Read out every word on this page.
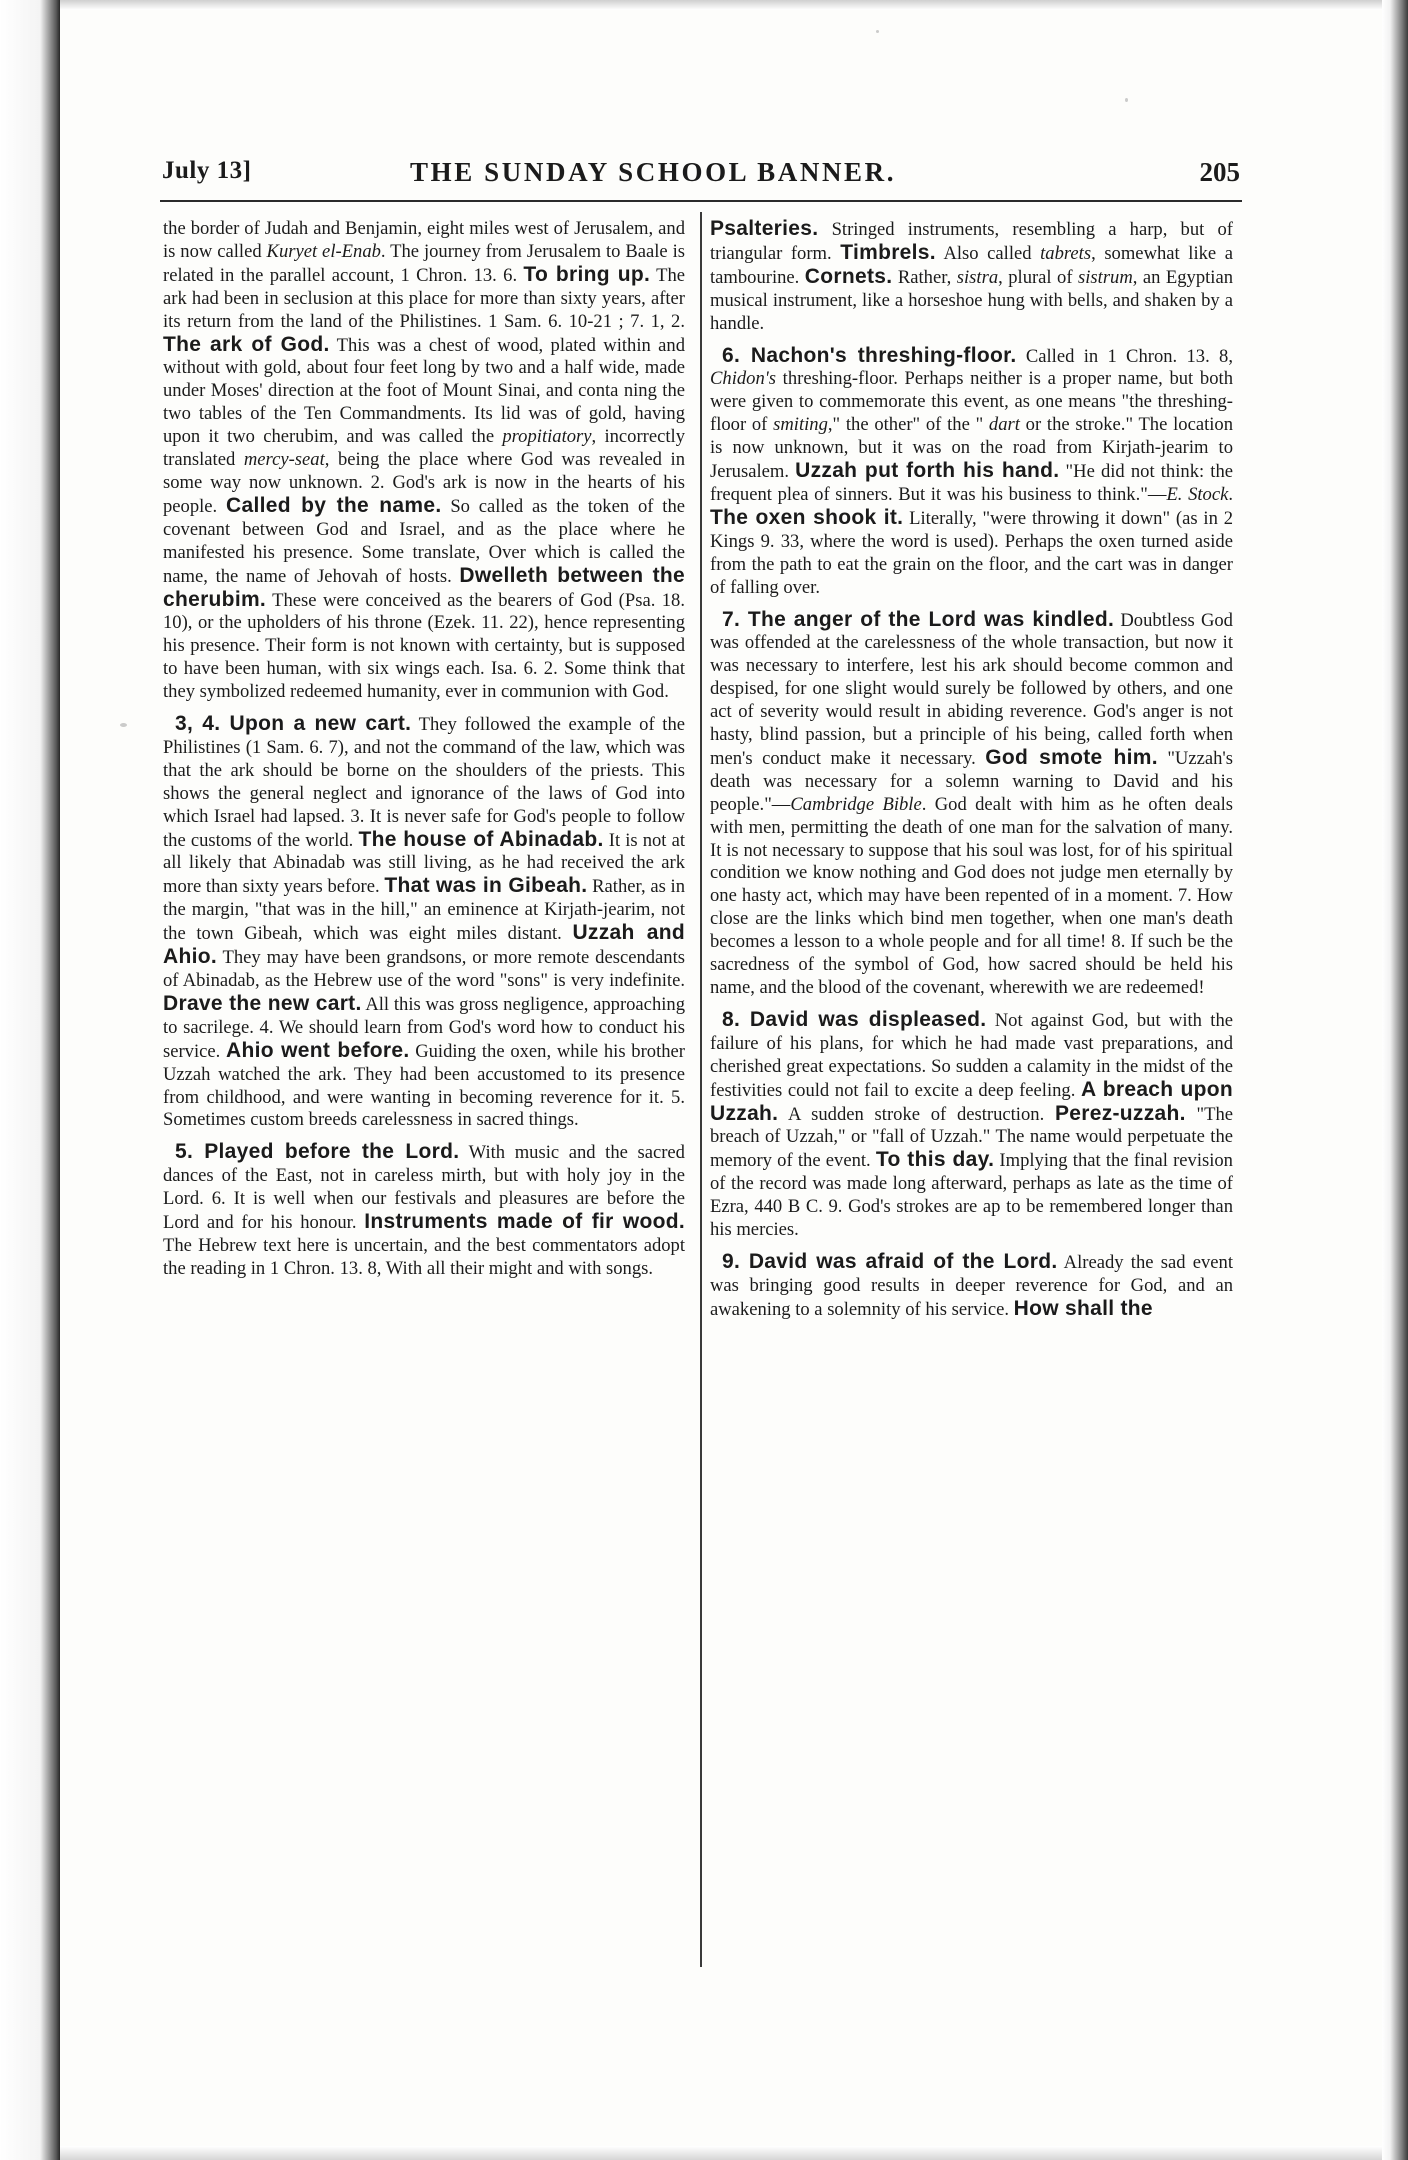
July 13]	THE SUNDAY SCHOOL BANNER.	205

the border of Judah and Benjamin, eight miles west of Jerusalem, and is now called Kuryet el-Enab. The journey from Jerusalem to Baale is related in the parallel account, 1 Chron. 13. 6. To bring up. The ark had been in seclusion at this place for more than sixty years, after its return from the land of the Philistines. 1 Sam. 6. 10-21 ; 7. 1, 2. The ark of God. This was a chest of wood, plated within and without with gold, about four feet long by two and a half wide, made under Moses' direction at the foot of Mount Sinai, and conta ning the two tables of the Ten Commandments. Its lid was of gold, having upon it two cherubim, and was called the propitiatory, incorrectly translated mercy-seat, being the place where God was revealed in some way now unknown. 2. God's ark is now in the hearts of his people. Called by the name. So called as the token of the covenant between God and Israel, and as the place where he manifested his presence. Some translate, Over which is called the name, the name of Jehovah of hosts. Dwelleth between the cherubim. These were conceived as the bearers of God (Psa. 18. 10), or the upholders of his throne (Ezek. 11. 22), hence representing his presence. Their form is not known with certainty, but is supposed to have been human, with six wings each. Isa. 6. 2. Some think that they symbolized redeemed humanity, ever in communion with God.

3, 4. Upon a new cart. They followed the example of the Philistines (1 Sam. 6. 7), and not the command of the law, which was that the ark should be borne on the shoulders of the priests. This shows the general neglect and ignorance of the laws of God into which Israel had lapsed. 3. It is never safe for God's people to follow the customs of the world. The house of Abinadab. It is not at all likely that Abinadab was still living, as he had received the ark more than sixty years before. That was in Gibeah. Rather, as in the margin, "that was in the hill," an eminence at Kirjath-jearim, not the town Gibeah, which was eight miles distant. Uzzah and Ahio. They may have been grandsons, or more remote descendants of Abinadab, as the Hebrew use of the word "sons" is very indefinite. Drave the new cart. All this was gross negligence, approaching to sacrilege. 4. We should learn from God's word how to conduct his service. Ahio went before. Guiding the oxen, while his brother Uzzah watched the ark. They had been accustomed to its presence from childhood, and were wanting in becoming reverence for it. 5. Sometimes custom breeds carelessness in sacred things.

5. Played before the Lord. With music and the sacred dances of the East, not in careless mirth, but with holy joy in the Lord. 6. It is well when our festivals and pleasures are before the Lord and for his honour. Instruments made of fir wood. The Hebrew text here is uncertain, and the best commentators adopt the reading in 1 Chron. 13. 8, With all their might and with songs.

Psalteries. Stringed instruments, resembling a harp, but of triangular form. Timbrels. Also called tabrets, somewhat like a tambourine. Cornets. Rather, sistra, plural of sistrum, an Egyptian musical instrument, like a horseshoe hung with bells, and shaken by a handle.

6. Nachon's threshing-floor. Called in 1 Chron. 13. 8, Chidon's threshing-floor. Perhaps neither is a proper name, but both were given to commemorate this event, as one means "the threshing-floor of smiting," the other" of the " dart or the stroke." The location is now unknown, but it was on the road from Kirjath-jearim to Jerusalem. Uzzah put forth his hand. "He did not think: the frequent plea of sinners. But it was his business to think."—E. Stock. The oxen shook it. Literally, "were throwing it down" (as in 2 Kings 9. 33, where the word is used). Perhaps the oxen turned aside from the path to eat the grain on the floor, and the cart was in danger of falling over.

7. The anger of the Lord was kindled. Doubtless God was offended at the carelessness of the whole transaction, but now it was necessary to interfere, lest his ark should become common and despised, for one slight would surely be followed by others, and one act of severity would result in abiding reverence. God's anger is not hasty, blind passion, but a principle of his being, called forth when men's conduct make it necessary. God smote him. "Uzzah's death was necessary for a solemn warning to David and his people."—Cambridge Bible. God dealt with him as he often deals with men, permitting the death of one man for the salvation of many. It is not necessary to suppose that his soul was lost, for of his spiritual condition we know nothing and God does not judge men eternally by one hasty act, which may have been repented of in a moment. 7. How close are the links which bind men together, when one man's death becomes a lesson to a whole people and for all time! 8. If such be the sacredness of the symbol of God, how sacred should be held his name, and the blood of the covenant, wherewith we are redeemed!

8. David was displeased. Not against God, but with the failure of his plans, for which he had made vast preparations, and cherished great expectations. So sudden a calamity in the midst of the festivities could not fail to excite a deep feeling. A breach upon Uzzah. A sudden stroke of destruction. Perez-uzzah. "The breach of Uzzah," or "fall of Uzzah." The name would perpetuate the memory of the event. To this day. Implying that the final revision of the record was made long afterward, perhaps as late as the time of Ezra, 440 B C. 9. God's strokes are ap to be remembered longer than his mercies.

9. David was afraid of the Lord. Already the sad event was bringing good results in deeper reverence for God, and an awakening to a solemnity of his service. How shall the
